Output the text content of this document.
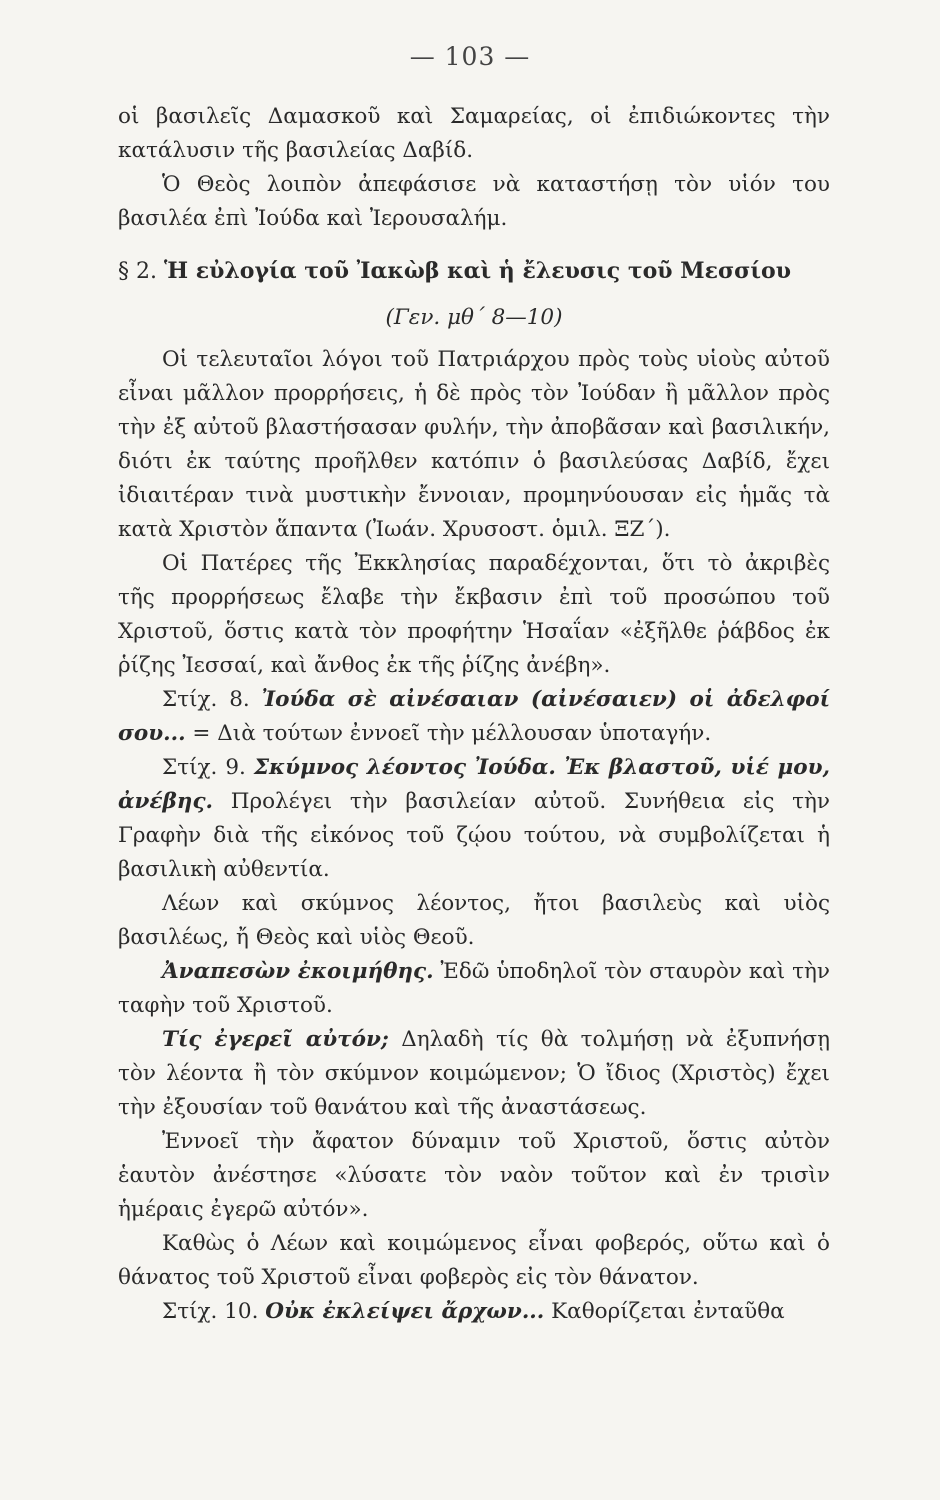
— 103 —

οἱ βασιλεῖς Δαμασκοῦ καὶ Σαμαρείας, οἱ ἐπιδιώκοντες τὴν κατάλυσιν τῆς βασιλείας Δαβίδ.

Ὁ Θεὸς λοιπὸν ἀπεφάσισε νὰ καταστήσῃ τὸν υἱόν του βασιλέα ἐπὶ Ἰούδα καὶ Ἰερουσαλήμ.

§ 2. Ἡ εὐλογία τοῦ Ἰακὼβ καὶ ἡ ἔλευσις τοῦ Μεσσίου
(Γεν. μθ΄ 8—10)

Οἱ τελευταῖοι λόγοι τοῦ Πατριάρχου πρὸς τοὺς υἱοὺς αὐτοῦ εἶναι μᾶλλον προρρήσεις, ἡ δὲ πρὸς τὸν Ἰούδαν ἢ μᾶλλον πρὸς τὴν ἐξ αὐτοῦ βλαστήσασαν φυλήν, τὴν ἀποβᾶσαν καὶ βασιλικήν, διότι ἐκ ταύτης προῆλθεν κατόπιν ὁ βασιλεύσας Δαβίδ, ἔχει ἰδιαιτέραν τινὰ μυστικὴν ἔννοιαν, προμηνύουσαν εἰς ἡμᾶς τὰ κατὰ Χριστὸν ἅπαντα (Ἰωάν. Χρυσοστ. ὁμιλ. ΞΖ΄).

Οἱ Πατέρες τῆς Ἐκκλησίας παραδέχονται, ὅτι τὸ ἀκριβὲς τῆς προρρήσεως ἔλαβε τὴν ἔκβασιν ἐπὶ τοῦ προσώπου τοῦ Χριστοῦ, ὅστις κατὰ τὸν προφήτην Ἡσαΐαν «ἐξῆλθε ῥάβδος ἐκ ῥίζης Ἰεσσαί, καὶ ἄνθος ἐκ τῆς ῥίζης ἀνέβη».

Στίχ. 8. Ἰούδα σὲ αἰνέσαιαν (αἰνέσαιεν) οἱ ἀδελφοί σου... = Διὰ τούτων ἐννοεῖ τὴν μέλλουσαν ὑποταγήν.

Στίχ. 9. Σκύμνος λέοντος Ἰούδα. Ἐκ βλαστοῦ, υἱέ μου, ἀνέβης. Προλέγει τὴν βασιλείαν αὐτοῦ. Συνήθεια εἰς τὴν Γραφὴν διὰ τῆς εἰκόνος τοῦ ζῴου τούτου, νὰ συμβολίζεται ἡ βασιλικὴ αὐθεντία.

Λέων καὶ σκύμνος λέοντος, ἤτοι βασιλεὺς καὶ υἱὸς βασιλέως, ἤ Θεὸς καὶ υἱὸς Θεοῦ.

Ἀναπεσὼν ἐκοιμήθης. Ἐδῶ ὑποδηλοῖ τὸν σταυρὸν καὶ τὴν ταφὴν τοῦ Χριστοῦ.

Τίς ἐγερεῖ αὐτόν; Δηλαδὴ τίς θὰ τολμήσῃ νὰ ἐξυπνήσῃ τὸν λέοντα ἢ τὸν σκύμνον κοιμώμενον; Ὁ ἴδιος (Χριστὸς) ἔχει τὴν ἐξουσίαν τοῦ θανάτου καὶ τῆς ἀναστάσεως.

Ἐννοεῖ τὴν ἄφατον δύναμιν τοῦ Χριστοῦ, ὅστις αὐτὸν ἑαυτὸν ἀνέστησε «λύσατε τὸν ναὸν τοῦτον καὶ ἐν τρισὶν ἡμέραις ἐγερῶ αὐτόν».

Καθὼς ὁ Λέων καὶ κοιμώμενος εἶναι φοβερός, οὕτω καὶ ὁ θάνατος τοῦ Χριστοῦ εἶναι φοβερὸς εἰς τὸν θάνατον.

Στίχ. 10. Οὐκ ἐκλείψει ἄρχων... Καθορίζεται ἐνταῦθα
